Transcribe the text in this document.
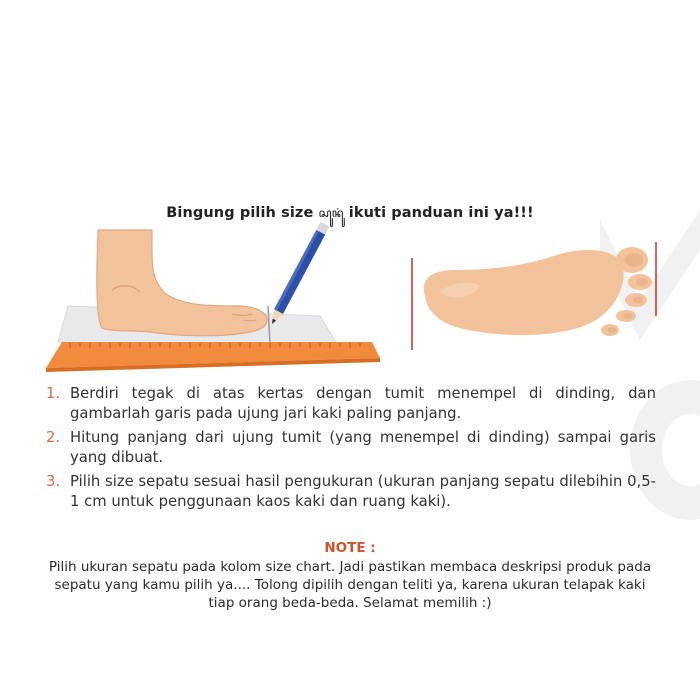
Bingung pilih size ꦱꦸꦤꦸꦁ ikuti panduan ini ya!!!
1. Berdiri tegak di atas kertas dengan tumit menempel di dinding, dan gambarlah garis pada ujung jari kaki paling panjang.
2. Hitung panjang dari ujung tumit (yang menempel di dinding) sampai garis yang dibuat.
3. Pilih size sepatu sesuai hasil pengukuran (ukuran panjang sepatu dilebihin 0,5-1 cm untuk penggunaan kaos kaki dan ruang kaki).
NOTE :
Pilih ukuran sepatu pada kolom size chart. Jadi pastikan membaca deskripsi produk pada sepatu yang kamu pilih ya.... Tolong dipilih dengan teliti ya, karena ukuran telapak kaki tiap orang beda-beda. Selamat memilih :)
